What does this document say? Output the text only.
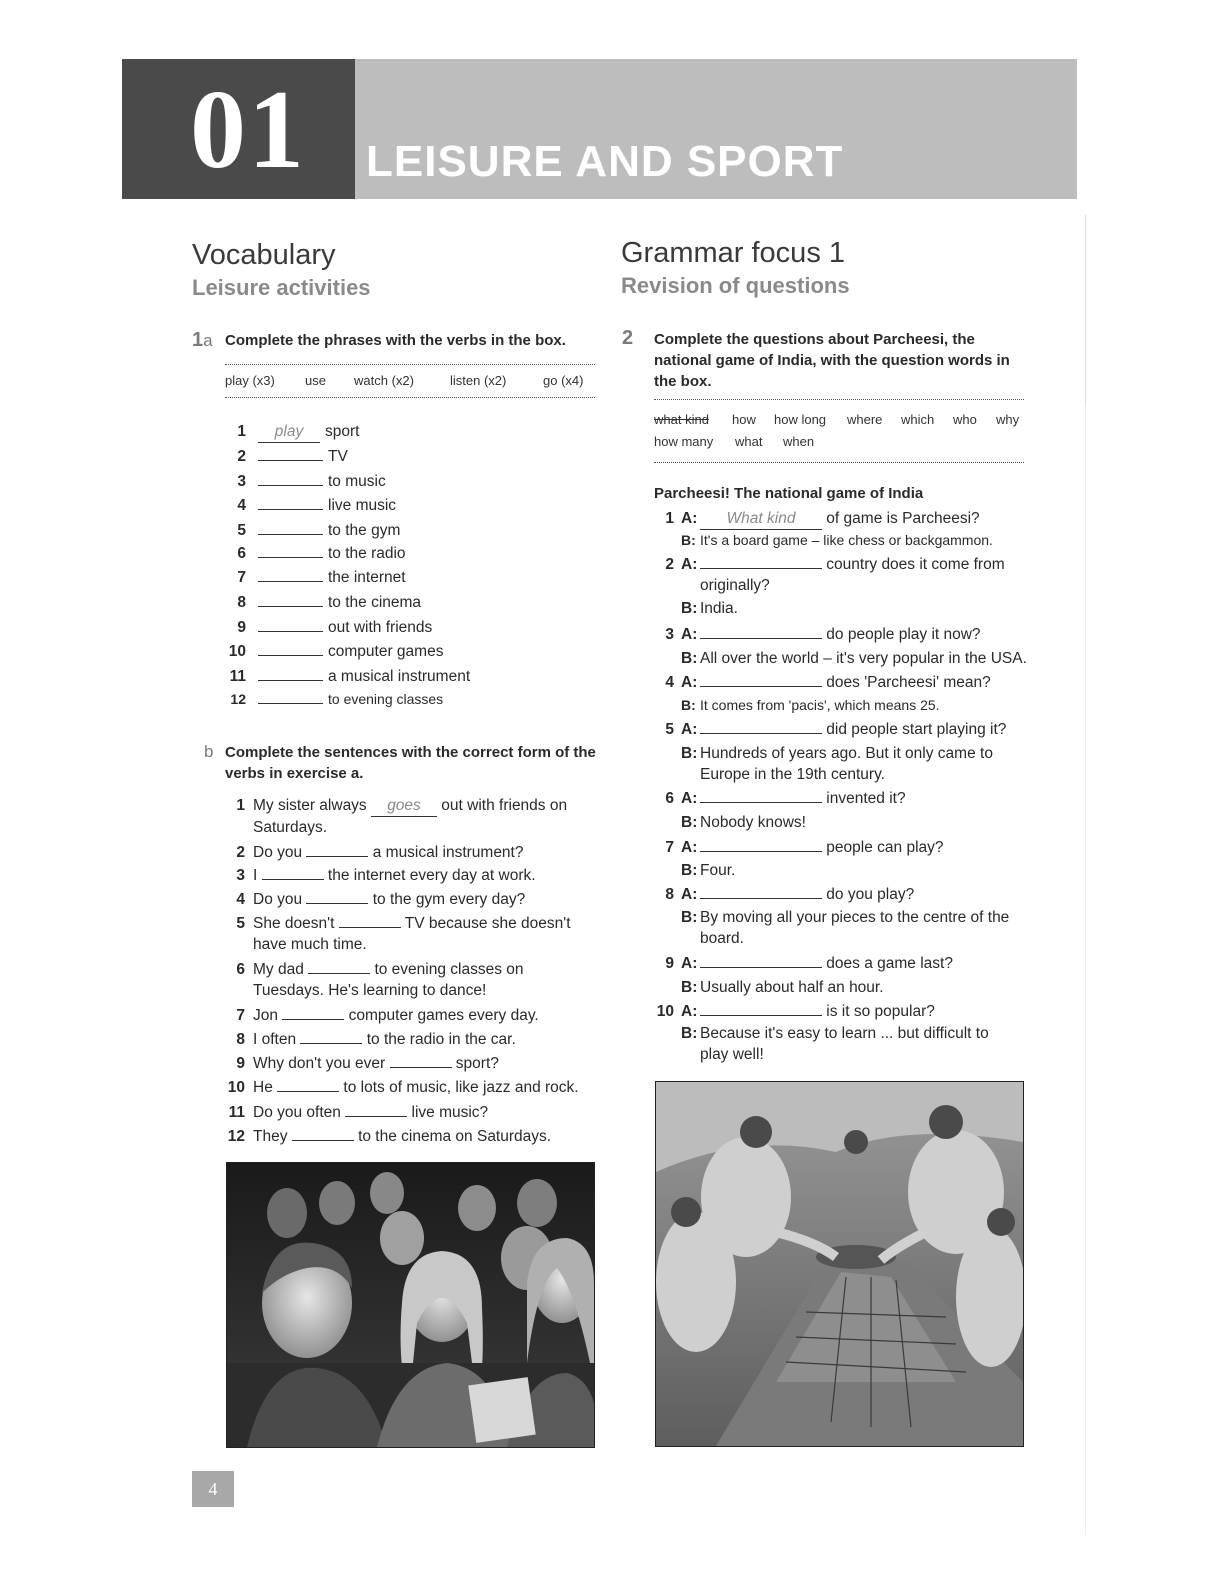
01 LEISURE AND SPORT
Vocabulary
Leisure activities
1a Complete the phrases with the verbs in the box.
play (x3) use watch (x2)	listen (x2)	go (x4)
1 play sport
2	TV
3	to music
4	live music
5	to the gym
6	to the radio
7	the internet
8	to the cinema
9	out with friends
10	computer games
11	a musical instrument
12	to evening classes
b Complete the sentences with the correct form of the verbs in exercise a.
1 My sister always goes out with friends on Saturdays.
2 Do you	a musical instrument?
3 I	the internet every day at work.
4 Do you	to the gym every day?
5 She doesn't	TV because she doesn't have much time.
6 My dad	to evening classes on Tuesdays. He's learning to dance!
7 Jon	computer games every day.
8 I often	to the radio in the car.
9 Why don't you ever	sport?
10 He	to lots of music, like jazz and rock.
11 Do you often	live music?
12 They	to the cinema on Saturdays.
Grammar focus 1
Revision of questions
2 Complete the questions about Parcheesi, the national game of India, with the question words in the box.
what kind how how long where which who why
how many what when
Parcheesi! The national game of India
1 A:	What kind of game is Parcheesi?
B: It's a board game – like chess or backgammon.
2 A:	country does it come from originally?
B: India.
3 A:	do people play it now?
B: All over the world – it's very popular in the USA.
4 A:	does 'Parcheesi' mean?
B: It comes from 'pacis', which means 25.
5 A:	did people start playing it?
B: Hundreds of years ago. But it only came to Europe in the 19th century.
6 A:	invented it?
B: Nobody knows!
7 A:	people can play?
B: Four.
8 A:	do you play?
B: By moving all your pieces to the centre of the board.
9 A:	does a game last?
B: Usually about half an hour.
10 A:	is it so popular?
B: Because it's easy to learn ... but difficult to play well!
4
